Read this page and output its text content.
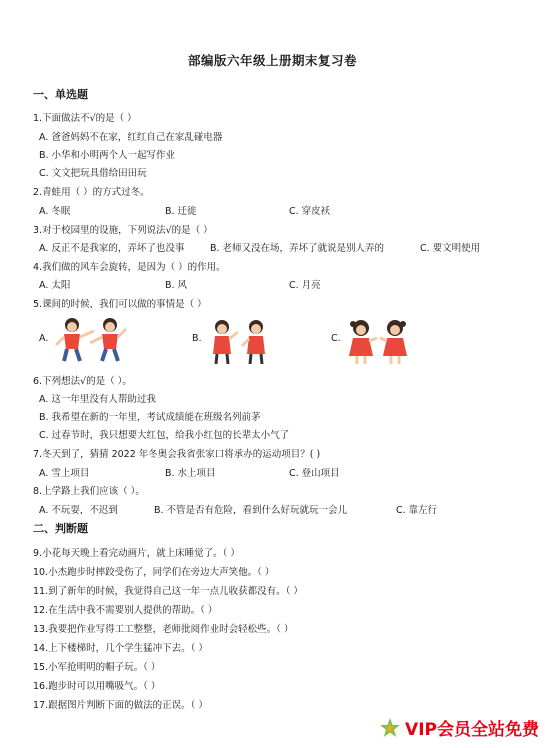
部编版六年级上册期末复习卷
一、单选题
1.下面做法不√的是（ ）
A. 爸爸妈妈不在家，红红自己在家乱碰电器
B. 小华和小明两个人一起写作业
C. 文文把玩具借给田田玩
2.青蛙用（ ）的方式过冬。
A. 冬眠	B. 迁徙	C. 穿皮袄
3.对于校园里的设施，下列说法√的是（ ）
A. 反正不是我家的，弄坏了也没事	B. 老师又没在场，弄坏了就说是别人弄的	C. 要文明使用
4.我们做的风车会旋转，是因为（ ）的作用。
A. 太阳	B. 风	C. 月亮
5.课间的时候，我们可以做的事情是（ ）
A.	B.	C.
6.下列想法√的是（ ）。
A. 这一年里没有人帮助过我
B. 我希望在新的一年里，考试成绩能在班级名列前茅
C. 过春节时，我只想要大红包，给我小红包的长辈太小气了
7.冬天到了，猜猜 2022 年冬奥会我省张家口将承办的运动项目？( )
A. 雪上项目	B. 水上项目	C. 登山项目
8.上学路上我们应该（ ）。
A. 不玩耍，不迟到	B. 不管是否有危险，看到什么好玩就玩一会儿	C. 靠左行
二、判断题
9.小花每天晚上看完动画片，就上床睡觉了。（ ）
10.小杰跑步时摔跤受伤了，同学们在旁边大声笑他。（ ）
11.到了新年的时候，我觉得自己这一年一点儿收获都没有。（ ）
12.在生活中我不需要别人提供的帮助。（ ）
13.我要把作业写得工工整整，老师批阅作业时会轻松些。（ ）
14.上下楼梯时，几个学生猛冲下去。（ ）
15.小军抢明明的帽子玩。（ ）
16.跑步时可以用嘴吸气。（ ）
17.跟据图片判断下面的做法的正误。（ ）
VIP会员全站免费
